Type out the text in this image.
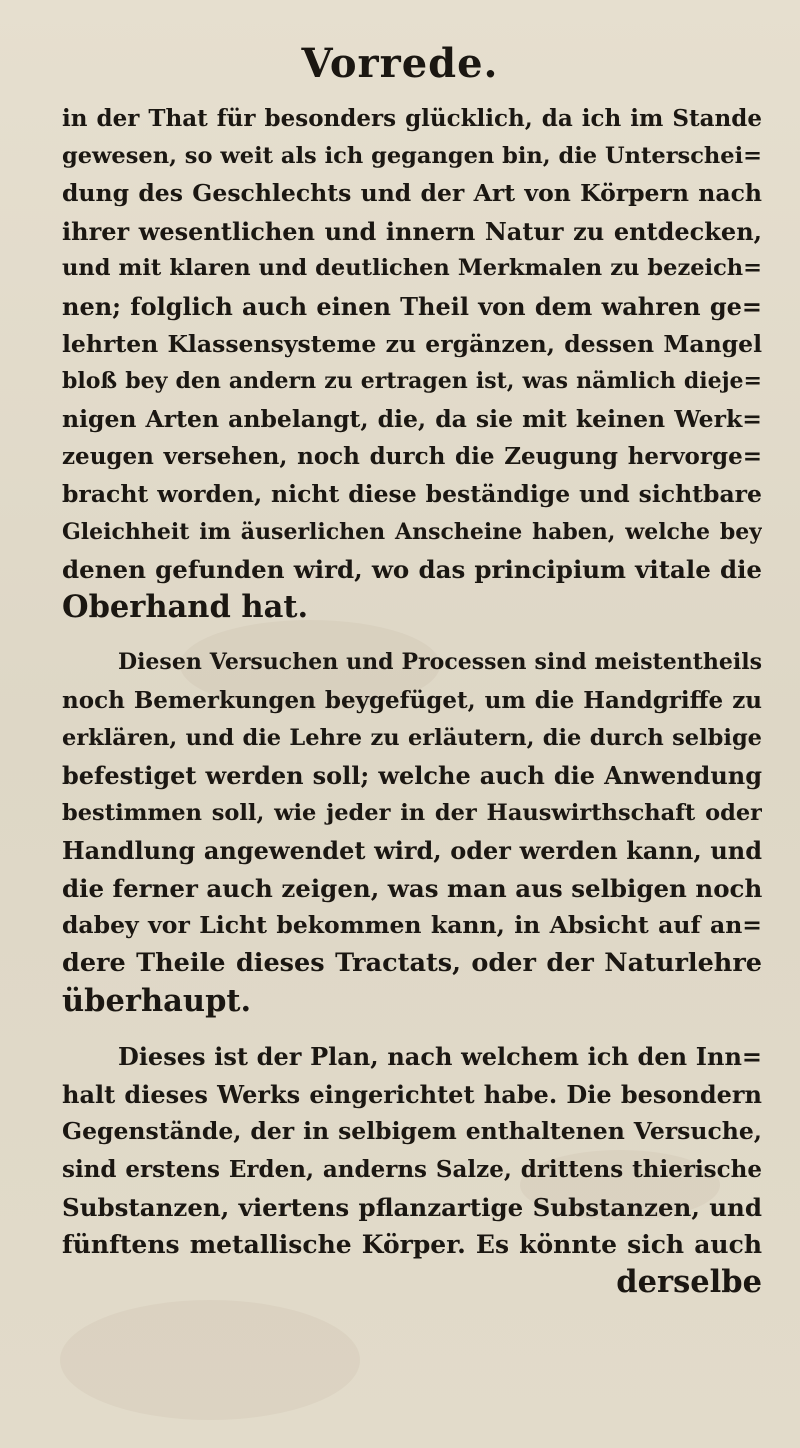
Vorrede.
in der That für besonders glücklich, da ich im Stande
gewesen, so weit als ich gegangen bin, die Unterschei=
dung des Geschlechts und der Art von Körpern nach
ihrer wesentlichen und innern Natur zu entdecken,
und mit klaren und deutlichen Merkmalen zu bezeich=
nen; folglich auch einen Theil von dem wahren ge=
lehrten Klassensysteme zu ergänzen, dessen Mangel
bloß bey den andern zu ertragen ist, was nämlich dieje=
nigen Arten anbelangt, die, da sie mit keinen Werk=
zeugen versehen, noch durch die Zeugung hervorge=
bracht worden, nicht diese beständige und sichtbare
Gleichheit im äuserlichen Anscheine haben, welche bey
denen gefunden wird, wo das principium vitale die
Oberhand hat.
Diesen Versuchen und Processen sind meistentheils
noch Bemerkungen beygefüget, um die Handgriffe zu
erklären, und die Lehre zu erläutern, die durch selbige
befestiget werden soll; welche auch die Anwendung
bestimmen soll, wie jeder in der Hauswirthschaft oder
Handlung angewendet wird, oder werden kann, und
die ferner auch zeigen, was man aus selbigen noch
dabey vor Licht bekommen kann, in Absicht auf an=
dere Theile dieses Tractats, oder der Naturlehre
überhaupt.
Dieses ist der Plan, nach welchem ich den Inn=
halt dieses Werks eingerichtet habe. Die besondern
Gegenstände, der in selbigem enthaltenen Versuche,
sind erstens Erden, anderns Salze, drittens thierische
Substanzen, viertens pflanzartige Substanzen, und
fünftens metallische Körper. Es könnte sich auch
derselbe
